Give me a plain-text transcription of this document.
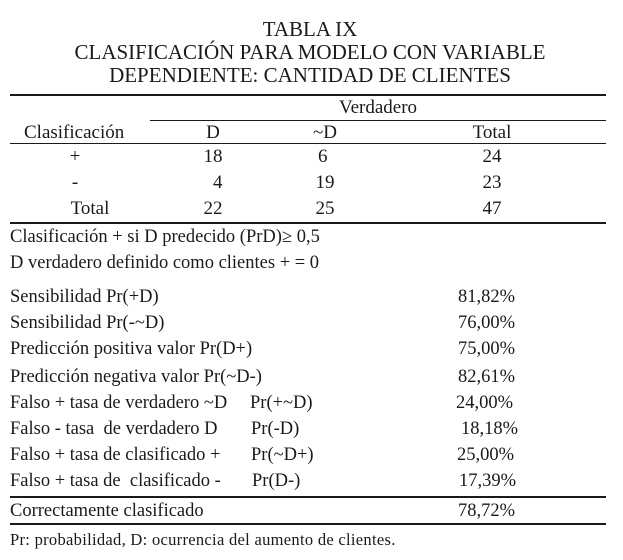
TABLA IX
CLASIFICACIÓN PARA MODELO CON VARIABLE
DEPENDIENTE: CANTIDAD DE CLIENTES
Verdadero
Clasificación	D	~D	Total
+	18	6	24
-	4	19	23
Total	22	25	47
Clasificación + si D predecido (PrD)≥ 0,5
D verdadero definido como clientes + = 0
Sensibilidad Pr(+D)	81,82%
Sensibilidad Pr(-~D)	76,00%
Predicción positiva valor Pr(D+)	75,00%
Predicción negativa valor Pr(~D-)	82,61%
Falso + tasa de verdadero ~D Pr(+~D)	24,00%
Falso - tasa  de verdadero D Pr(-D)	18,18%
Falso + tasa de clasificado + Pr(~D+)	25,00%
Falso + tasa de  clasificado - Pr(D-)	17,39%
Correctamente clasificado	78,72%
Pr: probabilidad, D: ocurrencia del aumento de clientes.
